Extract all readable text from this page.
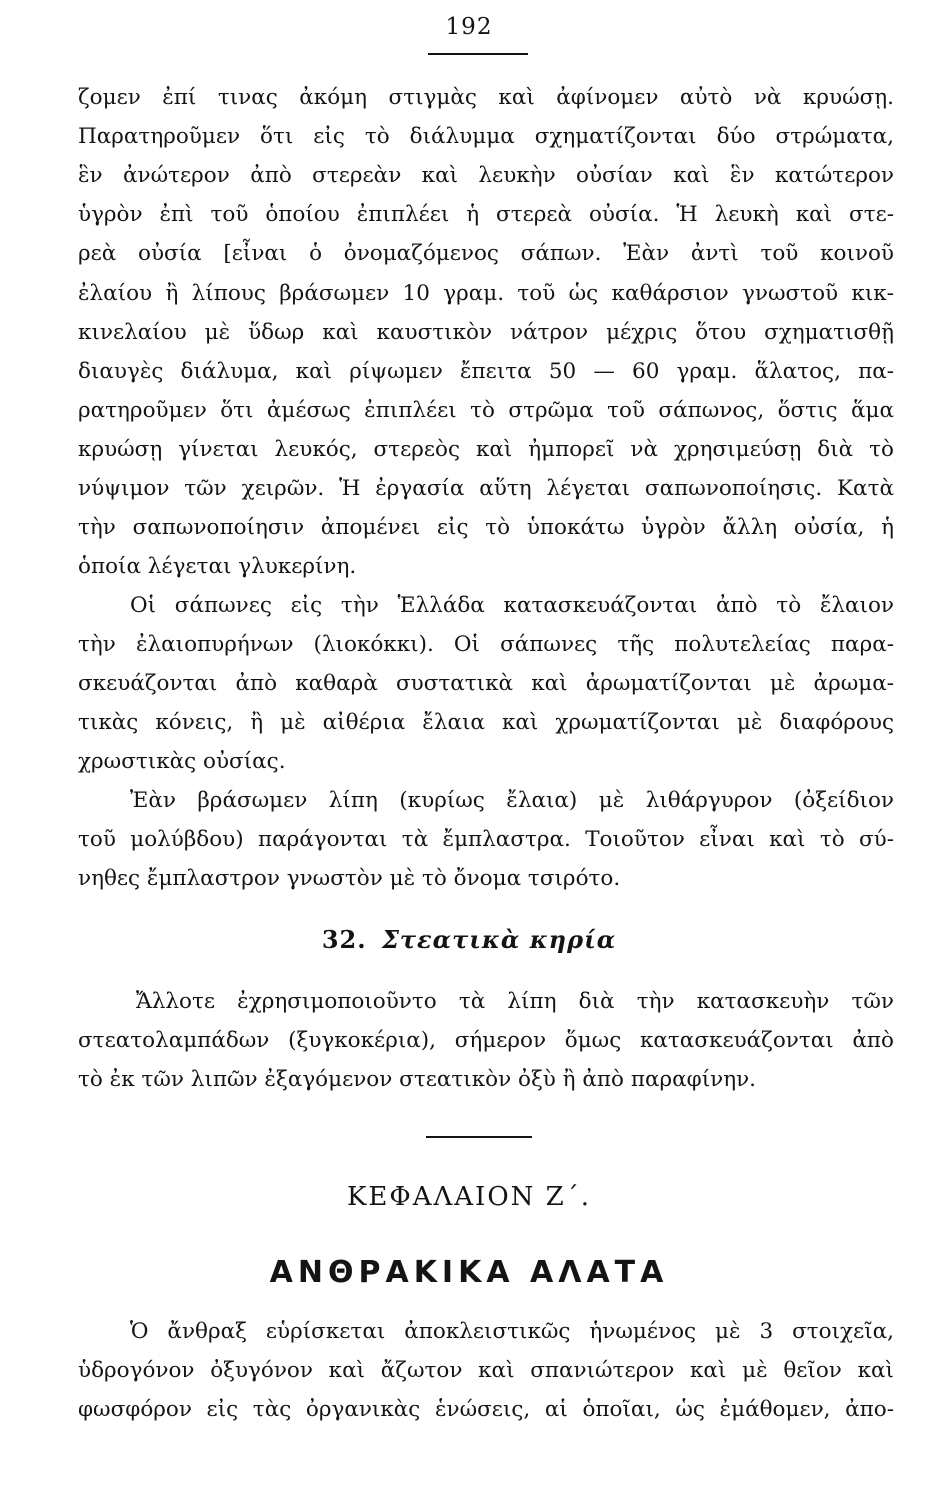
192
ζομεν ἐπί τινας ἀκόμη στιγμὰς καὶ ἀφίνομεν αὐτὸ νὰ κρυώσῃ.
Παρατηροῦμεν ὅτι εἰς τὸ διάλυμμα σχηματίζονται δύο στρώματα,
ἓν ἀνώτερον ἀπὸ στερεὰν καὶ λευκὴν οὐσίαν καὶ ἓν κατώτερον
ὑγρὸν ἐπὶ τοῦ ὁποίου ἐπιπλέει ἡ στερεὰ οὐσία. Ἡ λευκὴ καὶ στε-
ρεὰ οὐσία [εἶναι ὁ ὀνομαζόμενος σάπων. Ἐὰν ἀντὶ τοῦ κοινοῦ
ἐλαίου ἢ λίπους βράσωμεν 10 γραμ. τοῦ ὡς καθάρσιον γνωστοῦ κικ-
κινελαίου μὲ ὕδωρ καὶ καυστικὸν νάτρον μέχρις ὅτου σχηματισθῇ
διαυγὲς διάλυμα, καὶ ρίψωμεν ἔπειτα 50 — 60 γραμ. ἅλατος, πα-
ρατηροῦμεν ὅτι ἀμέσως ἐπιπλέει τὸ στρῶμα τοῦ σάπωνος, ὅστις ἅμα
κρυώσῃ γίνεται λευκός, στερεὸς καὶ ἠμπορεῖ νὰ χρησιμεύσῃ διὰ τὸ
νύψιμον τῶν χειρῶν. Ἡ ἐργασία αὕτη λέγεται σαπωνοποίησις. Κατὰ
τὴν σαπωνοποίησιν ἀπομένει εἰς τὸ ὑποκάτω ὑγρὸν ἄλλη οὐσία, ἡ
ὁποία λέγεται γλυκερίνη.
Οἱ σάπωνες εἰς τὴν Ἑλλάδα κατασκευάζονται ἀπὸ τὸ ἔλαιον
τὴν ἐλαιοπυρήνων (λιοκόκκι). Οἱ σάπωνες τῆς πολυτελείας παρα-
σκευάζονται ἀπὸ καθαρὰ συστατικὰ καὶ ἀρωματίζονται μὲ ἀρωμα-
τικὰς κόνεις, ἢ μὲ αἰθέρια ἔλαια καὶ χρωματίζονται μὲ διαφόρους
χρωστικὰς οὐσίας.
Ἐὰν βράσωμεν λίπη (κυρίως ἔλαια) μὲ λιθάργυρον (ὀξείδιον
τοῦ μολύβδου) παράγονται τὰ ἔμπλαστρα. Τοιοῦτον εἶναι καὶ τὸ σύ-
νηθες ἔμπλαστρον γνωστὸν μὲ τὸ ὄνομα τσιρότο.
32. Στεατικὰ κηρία
Ἄλλοτε ἐχρησιμοποιοῦντο τὰ λίπη διὰ τὴν κατασκευὴν τῶν
στεατολαμπάδων (ξυγκοκέρια), σήμερον ὅμως κατασκευάζονται ἀπὸ
τὸ ἐκ τῶν λιπῶν ἐξαγόμενον στεατικὸν ὀξὺ ἢ ἀπὸ παραφίνην.
ΚΕΦΑΛΑΙΟΝ Ζ΄.
ΑΝΘΡΑΚΙΚΑ ΑΛΑΤΑ
Ὁ ἄνθραξ εὑρίσκεται ἀποκλειστικῶς ἡνωμένος μὲ 3 στοιχεῖα,
ὑδρογόνον ὀξυγόνον καὶ ἄζωτον καὶ σπανιώτερον καὶ μὲ θεῖον καὶ
φωσφόρον εἰς τὰς ὀργανικὰς ἑνώσεις, αἱ ὁποῖαι, ὡς ἐμάθομεν, ἀπο-
